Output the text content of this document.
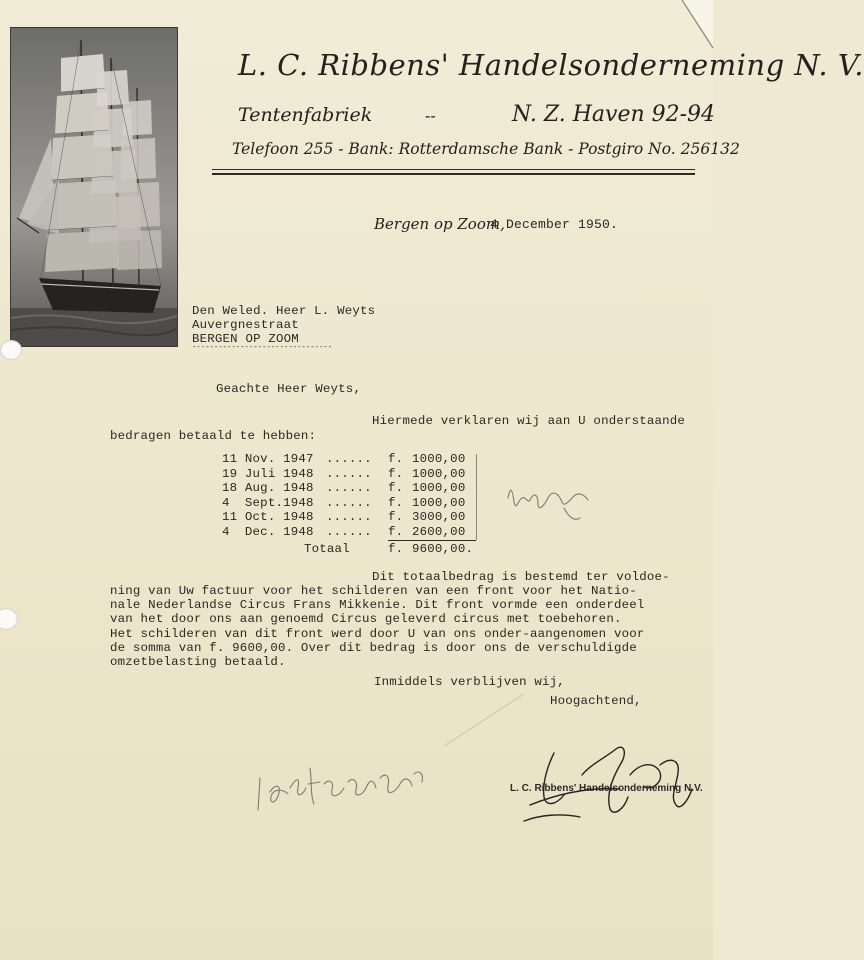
L. C. Ribbens' Handelsonderneming N. V.
Tentenfabriek	--	N. Z. Haven 92-94
Telefoon 255 - Bank: Rotterdamsche Bank - Postgiro No. 256132
Bergen op Zoom,
4 December 1950.
Den Weled. Heer L. Weyts
Auvergnestraat
BERGEN OP ZOOM
--------------------------------
Geachte Heer Weyts,
Hiermede verklaren wij aan U onderstaande
bedragen betaald te hebben:
11 Nov. 1947 ...... f. 1000,00
19 Juli 1948 ...... f. 1000,00
18 Aug. 1948 ...... f. 1000,00
4  Sept.1948 ...... f. 1000,00
11 Oct. 1948 ...... f. 3000,00
4  Dec. 1948 ...... f. 2600,00
Totaal	f. 9600,00.
Dit totaalbedrag is bestemd ter voldoe-
ning van Uw factuur voor het schilderen van een front voor het Natio-
nale Nederlandse Circus Frans Mikkenie. Dit front vormde een onderdeel
van het door ons aan genoemd Circus geleverd circus met toebehoren.
Het schilderen van dit front werd door U van ons onder-aangenomen voor
de somma van f. 9600,00. Over dit bedrag is door ons de verschuldigde
omzetbelasting betaald.
Inmiddels verblijven wij,
Hoogachtend,
L. C. Ribbens' Handelsonderneming N.V.
